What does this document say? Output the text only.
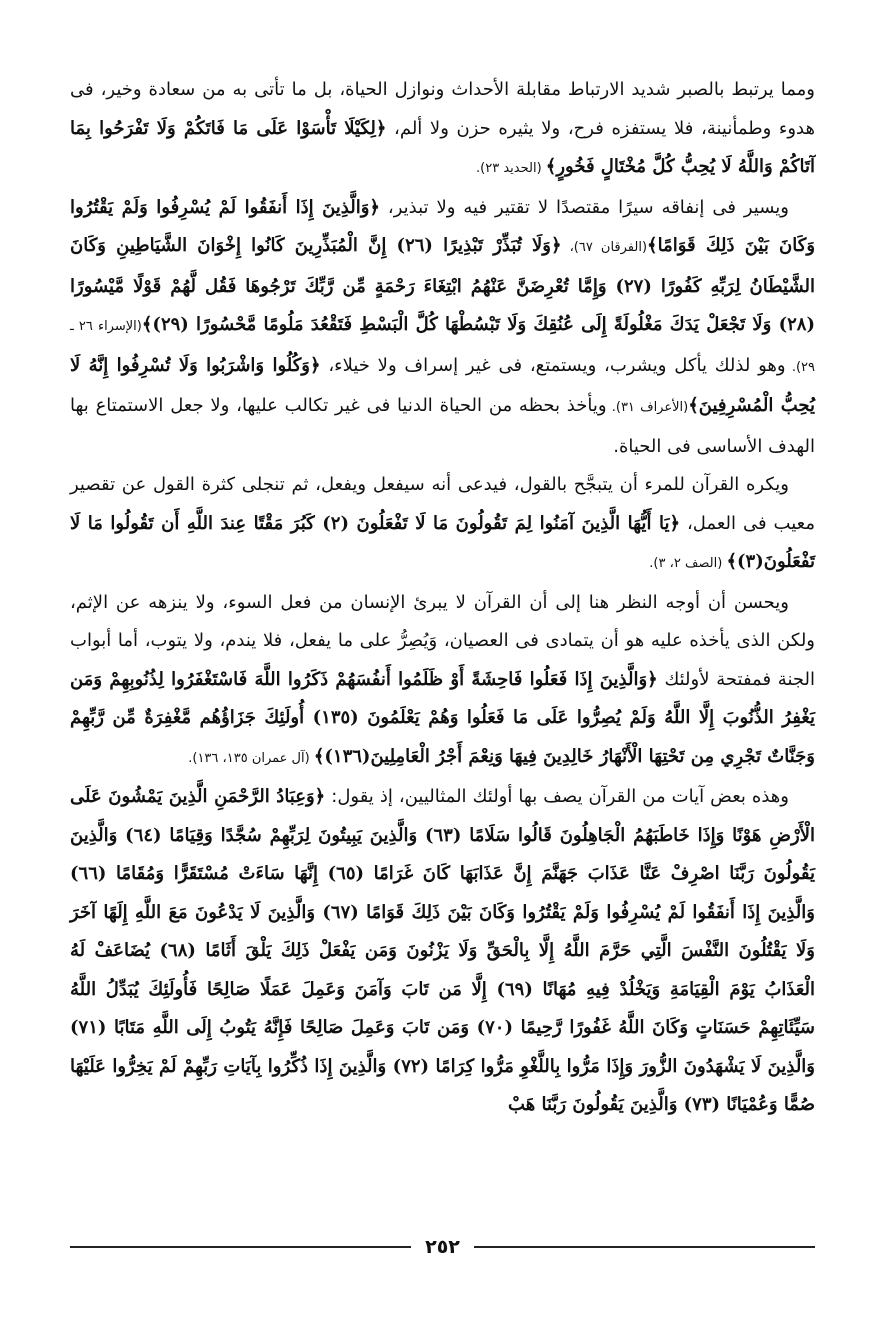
ومما يرتبط بالصبر شديد الارتباط مقابلة الأحداث ونوازل الحياة، بل ما تأتى به من سعادة وخير، فى هدوء وطمأنينة، فلا يستفزه فرح، ولا يثيره حزن ولا ألم، ﴿لِكَيْلَا تَأْسَوْا عَلَى مَا فَاتَكُمْ وَلَا تَفْرَحُوا بِمَا آتَاكُمْ وَاللَّهُ لَا يُحِبُّ كُلَّ مُخْتَالٍ فَخُورٍ﴾ (الحديد ٢٣).

ويسير فى إنفاقه سيرًا مقتصدًا لا تقتير فيه ولا تبذير، ﴿وَالَّذِينَ إِذَا أَنفَقُوا لَمْ يُسْرِفُوا وَلَمْ يَقْتُرُوا وَكَانَ بَيْنَ ذَلِكَ قَوَامًا﴾(الفرقان ٦٧)، ﴿وَلَا تُبَذِّرْ تَبْذِيرًا (٢٦) إِنَّ الْمُبَذِّرِينَ كَانُوا إِخْوَانَ الشَّيَاطِينِ وَكَانَ الشَّيْطَانُ لِرَبِّهِ كَفُورًا (٢٧) وَإِمَّا تُعْرِضَنَّ عَنْهُمُ ابْتِغَاءَ رَحْمَةٍ مِّن رَّبِّكَ تَرْجُوهَا فَقُل لَّهُمْ قَوْلًا مَّيْسُورًا (٢٨) وَلَا تَجْعَلْ يَدَكَ مَغْلُولَةً إِلَى عُنُقِكَ وَلَا تَبْسُطْهَا كُلَّ الْبَسْطِ فَتَقْعُدَ مَلُومًا مَّحْسُورًا (٢٩)﴾(الإسراء ٢٦ ـ ٢٩). وهو لذلك يأكل ويشرب، ويستمتع، فى غير إسراف ولا خيلاء، ﴿وَكُلُوا وَاشْرَبُوا وَلَا تُسْرِفُوا إِنَّهُ لَا يُحِبُّ الْمُسْرِفِينَ﴾(الأعراف ٣١). ويأخذ بحظه من الحياة الدنيا فى غير تكالب عليها، ولا جعل الاستمتاع بها الهدف الأساسى فى الحياة.

ويكره القرآن للمرء أن يتبجَّح بالقول، فيدعى أنه سيفعل ويفعل، ثم تنجلى كثرة القول عن تقصير معيب فى العمل، ﴿يَا أَيُّهَا الَّذِينَ آمَنُوا لِمَ تَقُولُونَ مَا لَا تَفْعَلُونَ (٢) كَبُرَ مَقْتًا عِندَ اللَّهِ أَن تَقُولُوا مَا لَا تَفْعَلُونَ(٣)﴾ (الصف ٢، ٣).

ويحسن أن أوجه النظر هنا إلى أن القرآن لا يبرئ الإنسان من فعل السوء، ولا ينزهه عن الإثم، ولكن الذى يأخذه عليه هو أن يتمادى فى العصيان، وَيُصِرُّ على ما يفعل، فلا يندم، ولا يتوب، أما أبواب الجنة فمفتحة لأولئك ﴿وَالَّذِينَ إِذَا فَعَلُوا فَاحِشَةً أَوْ ظَلَمُوا أَنفُسَهُمْ ذَكَرُوا اللَّهَ فَاسْتَغْفَرُوا لِذُنُوبِهِمْ وَمَن يَغْفِرُ الذُّنُوبَ إِلَّا اللَّهُ وَلَمْ يُصِرُّوا عَلَى مَا فَعَلُوا وَهُمْ يَعْلَمُونَ (١٣٥) أُولَئِكَ جَزَاؤُهُم مَّغْفِرَةٌ مِّن رَّبِّهِمْ وَجَنَّاتٌ تَجْرِي مِن تَحْتِهَا الْأَنْهَارُ خَالِدِينَ فِيهَا وَنِعْمَ أَجْرُ الْعَامِلِينَ(١٣٦)﴾ (آل عمران ١٣٥، ١٣٦).

وهذه بعض آيات من القرآن يصف بها أولئك المثاليين، إذ يقول: ﴿وَعِبَادُ الرَّحْمَنِ الَّذِينَ يَمْشُونَ عَلَى الْأَرْضِ هَوْنًا وَإِذَا خَاطَبَهُمُ الْجَاهِلُونَ قَالُوا سَلَامًا (٦٣) وَالَّذِينَ يَبِيتُونَ لِرَبِّهِمْ سُجَّدًا وَقِيَامًا (٦٤) وَالَّذِينَ يَقُولُونَ رَبَّنَا اصْرِفْ عَنَّا عَذَابَ جَهَنَّمَ إِنَّ عَذَابَهَا كَانَ غَرَامًا (٦٥) إِنَّهَا سَاءَتْ مُسْتَقَرًّا وَمُقَامًا (٦٦) وَالَّذِينَ إِذَا أَنفَقُوا لَمْ يُسْرِفُوا وَلَمْ يَقْتُرُوا وَكَانَ بَيْنَ ذَلِكَ قَوَامًا (٦٧) وَالَّذِينَ لَا يَدْعُونَ مَعَ اللَّهِ إِلَهًا آخَرَ وَلَا يَقْتُلُونَ النَّفْسَ الَّتِي حَرَّمَ اللَّهُ إِلَّا بِالْحَقِّ وَلَا يَزْنُونَ وَمَن يَفْعَلْ ذَلِكَ يَلْقَ أَثَامًا (٦٨) يُضَاعَفْ لَهُ الْعَذَابُ يَوْمَ الْقِيَامَةِ وَيَخْلُدْ فِيهِ مُهَانًا (٦٩) إِلَّا مَن تَابَ وَآمَنَ وَعَمِلَ عَمَلًا صَالِحًا فَأُولَئِكَ يُبَدِّلُ اللَّهُ سَيِّئَاتِهِمْ حَسَنَاتٍ وَكَانَ اللَّهُ غَفُورًا رَّحِيمًا (٧٠) وَمَن تَابَ وَعَمِلَ صَالِحًا فَإِنَّهُ يَتُوبُ إِلَى اللَّهِ مَتَابًا (٧١) وَالَّذِينَ لَا يَشْهَدُونَ الزُّورَ وَإِذَا مَرُّوا بِاللَّغْوِ مَرُّوا كِرَامًا (٧٢) وَالَّذِينَ إِذَا ذُكِّرُوا بِآيَاتِ رَبِّهِمْ لَمْ يَخِرُّوا عَلَيْهَا صُمًّا وَعُمْيَانًا (٧٣) وَالَّذِينَ يَقُولُونَ رَبَّنَا هَبْ

٢٥٢
